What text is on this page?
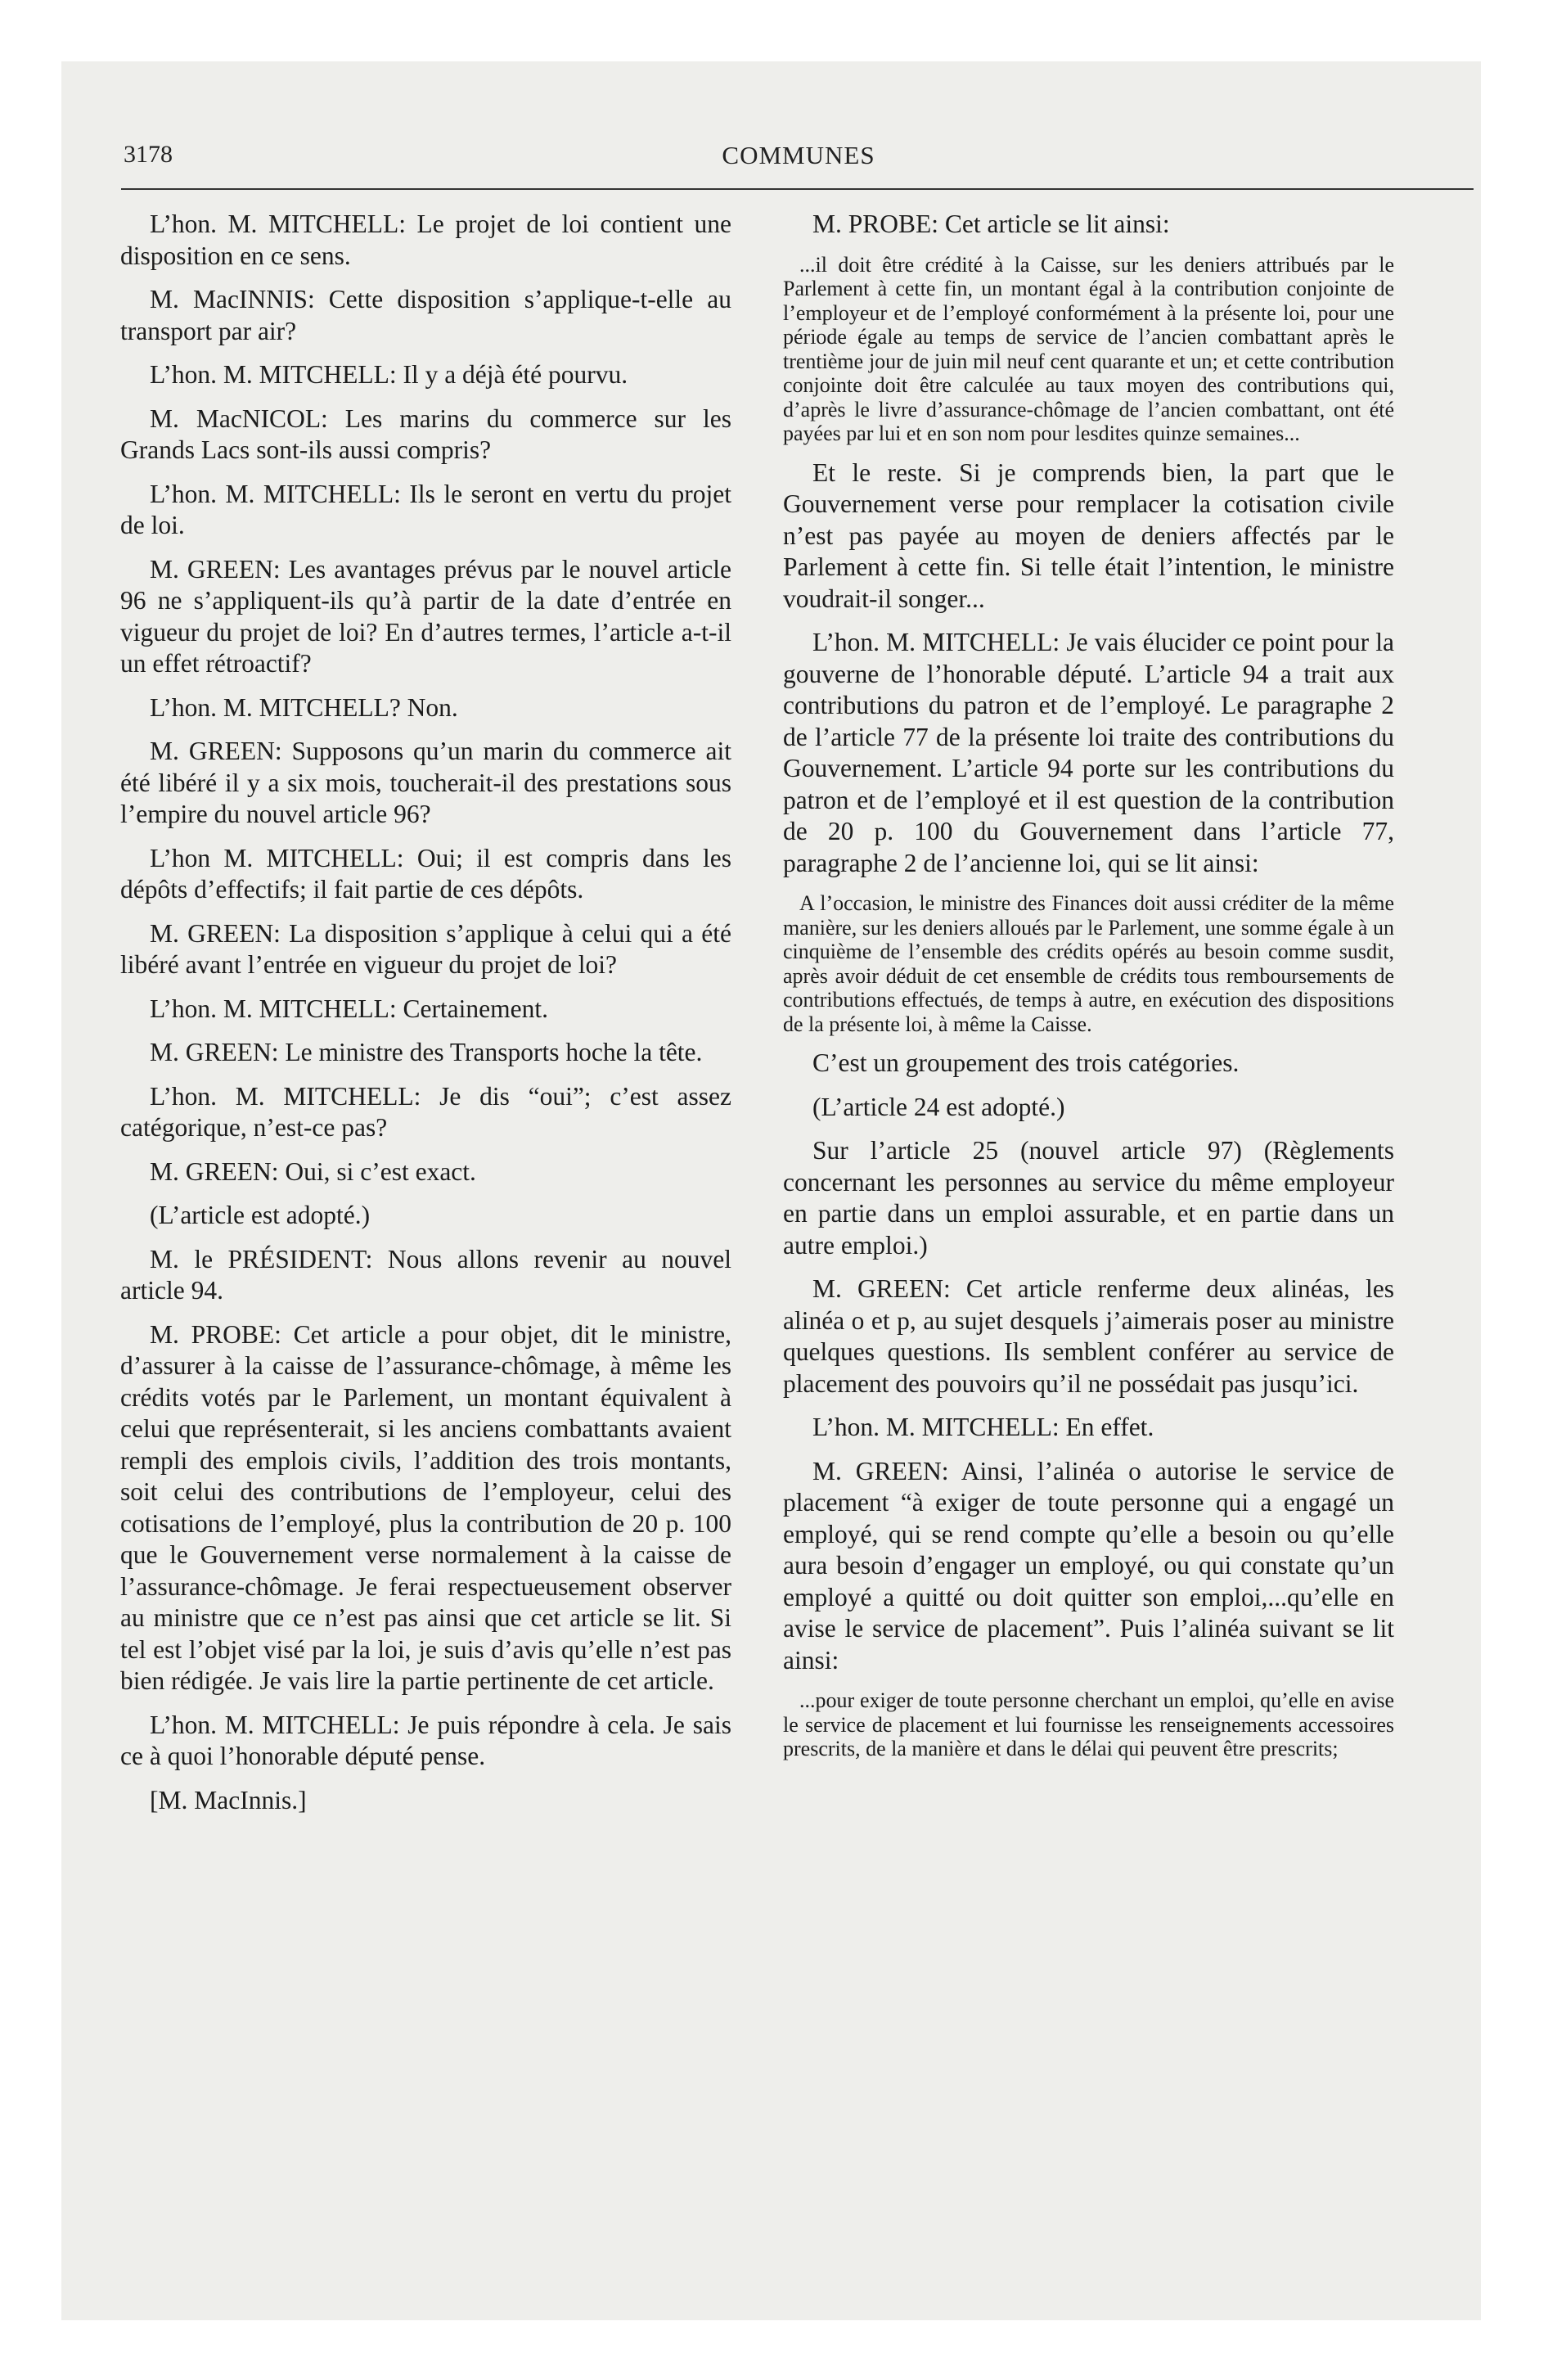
3178	COMMUNES

L’hon. M. MITCHELL: Le projet de loi contient une disposition en ce sens.

M. MacINNIS: Cette disposition s’applique-t-elle au transport par air?

L’hon. M. MITCHELL: Il y a déjà été pourvu.

M. MacNICOL: Les marins du commerce sur les Grands Lacs sont-ils aussi compris?

L’hon. M. MITCHELL: Ils le seront en vertu du projet de loi.

M. GREEN: Les avantages prévus par le nouvel article 96 ne s’appliquent-ils qu’à partir de la date d’entrée en vigueur du projet de loi? En d’autres termes, l’article a-t-il un effet rétroactif?

L’hon. M. MITCHELL? Non.

M. GREEN: Supposons qu’un marin du commerce ait été libéré il y a six mois, toucherait-il des prestations sous l’empire du nouvel article 96?

L’hon M. MITCHELL: Oui; il est compris dans les dépôts d’effectifs; il fait partie de ces dépôts.

M. GREEN: La disposition s’applique à celui qui a été libéré avant l’entrée en vigueur du projet de loi?

L’hon. M. MITCHELL: Certainement.

M. GREEN: Le ministre des Transports hoche la tête.

L’hon. M. MITCHELL: Je dis “oui”; c’est assez catégorique, n’est-ce pas?

M. GREEN: Oui, si c’est exact.

(L’article est adopté.)

M. le PRÉSIDENT: Nous allons revenir au nouvel article 94.

M. PROBE: Cet article a pour objet, dit le ministre, d’assurer à la caisse de l’assurance-chômage, à même les crédits votés par le Parlement, un montant équivalent à celui que représenterait, si les anciens combattants avaient rempli des emplois civils, l’addition des trois montants, soit celui des contributions de l’employeur, celui des cotisations de l’employé, plus la contribution de 20 p. 100 que le Gouvernement verse normalement à la caisse de l’assurance-chômage. Je ferai respectueusement observer au ministre que ce n’est pas ainsi que cet article se lit. Si tel est l’objet visé par la loi, je suis d’avis qu’elle n’est pas bien rédigée. Je vais lire la partie pertinente de cet article.

L’hon. M. MITCHELL: Je puis répondre à cela. Je sais ce à quoi l’honorable député pense.

[M. MacInnis.]

M. PROBE: Cet article se lit ainsi:

...il doit être crédité à la Caisse, sur les deniers attribués par le Parlement à cette fin, un montant égal à la contribution conjointe de l’employeur et de l’employé conformément à la présente loi, pour une période égale au temps de service de l’ancien combattant après le trentième jour de juin mil neuf cent quarante et un; et cette contribution conjointe doit être calculée au taux moyen des contributions qui, d’après le livre d’assurance-chômage de l’ancien combattant, ont été payées par lui et en son nom pour lesdites quinze semaines...

Et le reste. Si je comprends bien, la part que le Gouvernement verse pour remplacer la cotisation civile n’est pas payée au moyen de deniers affectés par le Parlement à cette fin. Si telle était l’intention, le ministre voudrait-il songer...

L’hon. M. MITCHELL: Je vais élucider ce point pour la gouverne de l’honorable député. L’article 94 a trait aux contributions du patron et de l’employé. Le paragraphe 2 de l’article 77 de la présente loi traite des contributions du Gouvernement. L’article 94 porte sur les contributions du patron et de l’employé et il est question de la contribution de 20 p. 100 du Gouvernement dans l’article 77, paragraphe 2 de l’ancienne loi, qui se lit ainsi:

A l’occasion, le ministre des Finances doit aussi créditer de la même manière, sur les deniers alloués par le Parlement, une somme égale à un cinquième de l’ensemble des crédits opérés au besoin comme susdit, après avoir déduit de cet ensemble de crédits tous remboursements de contributions effectués, de temps à autre, en exécution des dispositions de la présente loi, à même la Caisse.

C’est un groupement des trois catégories.

(L’article 24 est adopté.)

Sur l’article 25 (nouvel article 97) (Règlements concernant les personnes au service du même employeur en partie dans un emploi assurable, et en partie dans un autre emploi.)

M. GREEN: Cet article renferme deux alinéas, les alinéa o et p, au sujet desquels j’aimerais poser au ministre quelques questions. Ils semblent conférer au service de placement des pouvoirs qu’il ne possédait pas jusqu’ici.

L’hon. M. MITCHELL: En effet.

M. GREEN: Ainsi, l’alinéa o autorise le service de placement “à exiger de toute personne qui a engagé un employé, qui se rend compte qu’elle a besoin ou qu’elle aura besoin d’engager un employé, ou qui constate qu’un employé a quitté ou doit quitter son emploi,...qu’elle en avise le service de placement”. Puis l’alinéa suivant se lit ainsi:

...pour exiger de toute personne cherchant un emploi, qu’elle en avise le service de placement et lui fournisse les renseignements accessoires prescrits, de la manière et dans le délai qui peuvent être prescrits;
